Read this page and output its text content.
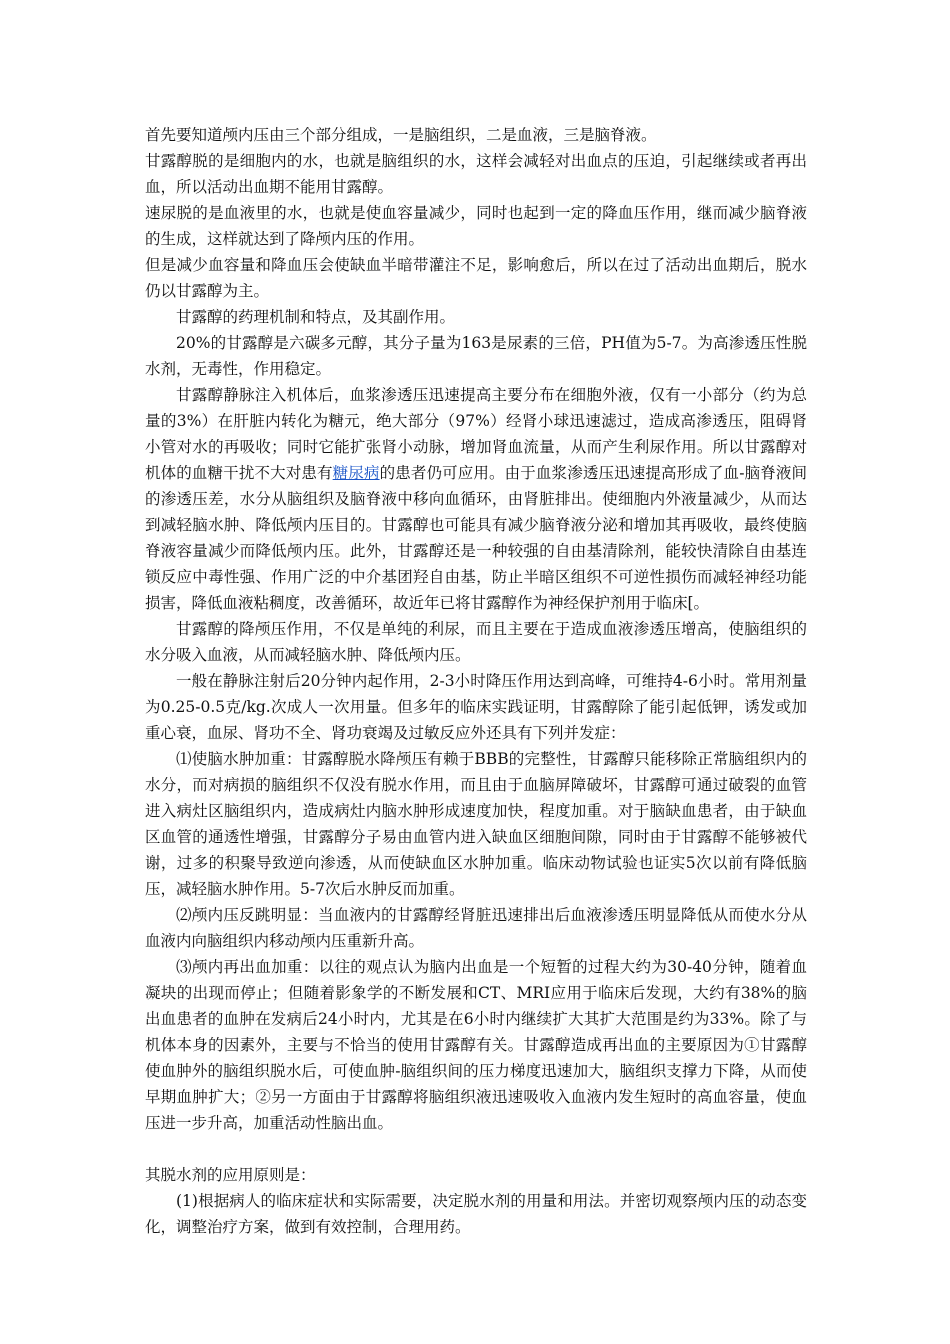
首先要知道颅内压由三个部分组成，一是脑组织，二是血液，三是脑脊液。

甘露醇脱的是细胞内的水，也就是脑组织的水，这样会减轻对出血点的压迫，引起继续或者再出血，所以活动出血期不能用甘露醇。

速尿脱的是血液里的水，也就是使血容量减少，同时也起到一定的降血压作用，继而减少脑脊液的生成，这样就达到了降颅内压的作用。

但是减少血容量和降血压会使缺血半暗带灌注不足，影响愈后，所以在过了活动出血期后，脱水仍以甘露醇为主。

甘露醇的药理机制和特点，及其副作用。

20%的甘露醇是六碳多元醇，其分子量为163是尿素的三倍，PH值为5-7。为高渗透压性脱水剂，无毒性，作用稳定。

甘露醇静脉注入机体后，血浆渗透压迅速提高主要分布在细胞外液，仅有一小部分（约为总量的3%）在肝脏内转化为糖元，绝大部分（97%）经肾小球迅速滤过，造成高渗透压，阻碍肾小管对水的再吸收；同时它能扩张肾小动脉，增加肾血流量，从而产生利尿作用。所以甘露醇对机体的血糖干扰不大对患有糖尿病的患者仍可应用。由于血浆渗透压迅速提高形成了血-脑脊液间的渗透压差，水分从脑组织及脑脊液中移向血循环，由肾脏排出。使细胞内外液量减少，从而达到减轻脑水肿、降低颅内压目的。甘露醇也可能具有减少脑脊液分泌和增加其再吸收，最终使脑脊液容量减少而降低颅内压。此外，甘露醇还是一种较强的自由基清除剂，能较快清除自由基连锁反应中毒性强、作用广泛的中介基团羟自由基，防止半暗区组织不可逆性损伤而减轻神经功能损害，降低血液粘稠度，改善循环，故近年已将甘露醇作为神经保护剂用于临床[。

甘露醇的降颅压作用，不仅是单纯的利尿，而且主要在于造成血液渗透压增高，使脑组织的水分吸入血液，从而减轻脑水肿、降低颅内压。

一般在静脉注射后20分钟内起作用，2-3小时降压作用达到高峰，可维持4-6小时。常用剂量为0.25-0.5克/kg.次成人一次用量。但多年的临床实践证明，甘露醇除了能引起低钾，诱发或加重心衰，血尿、肾功不全、肾功衰竭及过敏反应外还具有下列并发症：

⑴使脑水肿加重：甘露醇脱水降颅压有赖于BBB的完整性，甘露醇只能移除正常脑组织内的水分，而对病损的脑组织不仅没有脱水作用，而且由于血脑屏障破坏，甘露醇可通过破裂的血管进入病灶区脑组织内，造成病灶内脑水肿形成速度加快，程度加重。对于脑缺血患者，由于缺血区血管的通透性增强，甘露醇分子易由血管内进入缺血区细胞间隙，同时由于甘露醇不能够被代谢，过多的积聚导致逆向渗透，从而使缺血区水肿加重。临床动物试验也证实5次以前有降低脑压，减轻脑水肿作用。5-7次后水肿反而加重。

⑵颅内压反跳明显：当血液内的甘露醇经肾脏迅速排出后血液渗透压明显降低从而使水分从血液内向脑组织内移动颅内压重新升高。

⑶颅内再出血加重：以往的观点认为脑内出血是一个短暂的过程大约为30-40分钟，随着血凝块的出现而停止；但随着影象学的不断发展和CT、MRI应用于临床后发现，大约有38%的脑出血患者的血肿在发病后24小时内，尤其是在6小时内继续扩大其扩大范围是约为33%。除了与机体本身的因素外，主要与不恰当的使用甘露醇有关。甘露醇造成再出血的主要原因为①甘露醇使血肿外的脑组织脱水后，可使血肿-脑组织间的压力梯度迅速加大，脑组织支撑力下降，从而使早期血肿扩大；②另一方面由于甘露醇将脑组织液迅速吸收入血液内发生短时的高血容量，使血压进一步升高，加重活动性脑出血。

其脱水剂的应用原则是：

(1)根据病人的临床症状和实际需要，决定脱水剂的用量和用法。并密切观察颅内压的动态变化，调整治疗方案，做到有效控制，合理用药。
